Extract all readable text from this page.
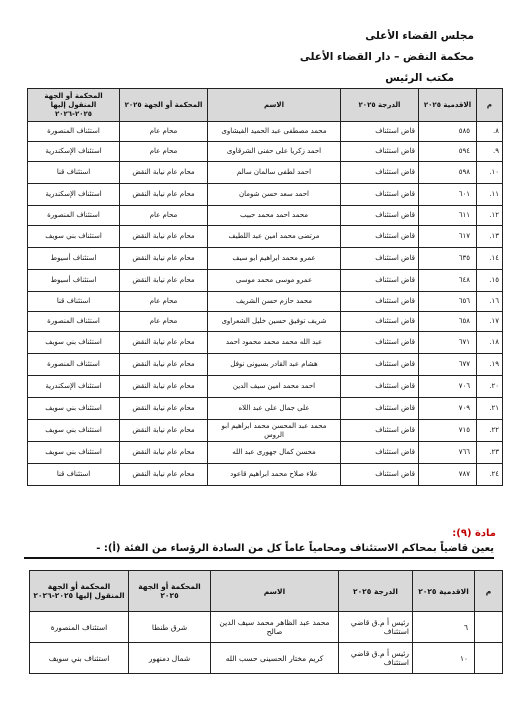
مجلس القضاء الأعلى
محكمة النقض – دار القضاء الأعلى
مكتب الرئيس
م	الاقدمية ٢٠٢٥	الدرجة ٢٠٢٥	الاسم	المحكمة أو الجهة ٢٠٢٥	المحكمة أو الجهة المنقول إليها ٢٠٢٥-٢٠٢٦
٨.	٥٨٥	قاض استئناف	محمد مصطفى عبد الحميد الفيشاوى	محام عام	استئناف المنصورة
٩.	٥٩٤	قاض استئناف	احمد زكريا على حفنى الشرقاوى	محام عام	استئناف الإسكندرية
١٠.	٥٩٨	قاض استئناف	احمد لطفى سالمان سالم	محام عام نيابة النقض	استئناف قنا
١١.	٦٠١	قاض استئناف	احمد سعد حسن شومان	محام عام نيابة النقض	استئناف الإسكندرية
١٢.	٦١١	قاض استئناف	محمد احمد محمد حبيب	محام عام	استئناف المنصورة
١٣.	٦١٧	قاض استئناف	مرتضى محمد امين عبد اللطيف	محام عام نيابة النقض	استئناف بني سويف
١٤.	٦٣٥	قاض استئناف	عمرو محمد ابراهيم ابو سيف	محام عام نيابة النقض	استئناف أسيوط
١٥.	٦٤٨	قاض استئناف	عمرو موسى محمد موسى	محام عام نيابة النقض	استئناف أسيوط
١٦.	٦٥٦	قاض استئناف	محمد حازم حسن الشريف	محام عام	استئناف قنا
١٧.	٦٥٨	قاض استئناف	شريف توفيق حسين خليل الشعراوى	محام عام	استئناف المنصورة
١٨.	٦٧١	قاض استئناف	عبد الله محمد محمد محمود احمد	محام عام نيابة النقض	استئناف بني سويف
١٩.	٦٧٧	قاض استئناف	هشام عبد القادر بسيونى نوفل	محام عام نيابة النقض	استئناف المنصورة
٢٠.	٧٠٦	قاض استئناف	احمد محمد امين سيف الدين	محام عام نيابة النقض	استئناف الإسكندرية
٢١.	٧٠٩	قاض استئناف	على جمال على عبد اللاه	محام عام نيابة النقض	استئناف بني سويف
٢٢.	٧١٥	قاض استئناف	محمد عبد المحسن محمد ابراهيم ابو الروس	محام عام نيابة النقض	استئناف بني سويف
٢٣.	٧٦٦	قاض استئناف	محسن كمال جهورى عبد الله	محام عام نيابة النقض	استئناف بني سويف
٢٤.	٧٨٧	قاض استئناف	علاء صلاح محمد ابراهيم قاعود	محام عام نيابة النقض	استئناف قنا
مادة (٩):
يعين قاضياً بمحاكم الاستئناف ومحامياً عاماً كل من السادة الرؤساء من الفئة (أ): -
م	الاقدمية ٢٠٢٥	الدرجة ٢٠٢٥	الاسم	المحكمة أو الجهة ٢٠٢٥	المحكمة أو الجهة المنقول إليها ٢٠٢٥-٢٠٢٦
	٦	رئيس أ م.ق قاضي استئناف	محمد عبد الظاهر محمد سيف الدين صالح	شرق طنطا	استئناف المنصورة
	١٠	رئيس أ م.ق قاضي استئناف	كريم مختار الحسينى حسب الله	شمال دمنهور	استئناف بني سويف
